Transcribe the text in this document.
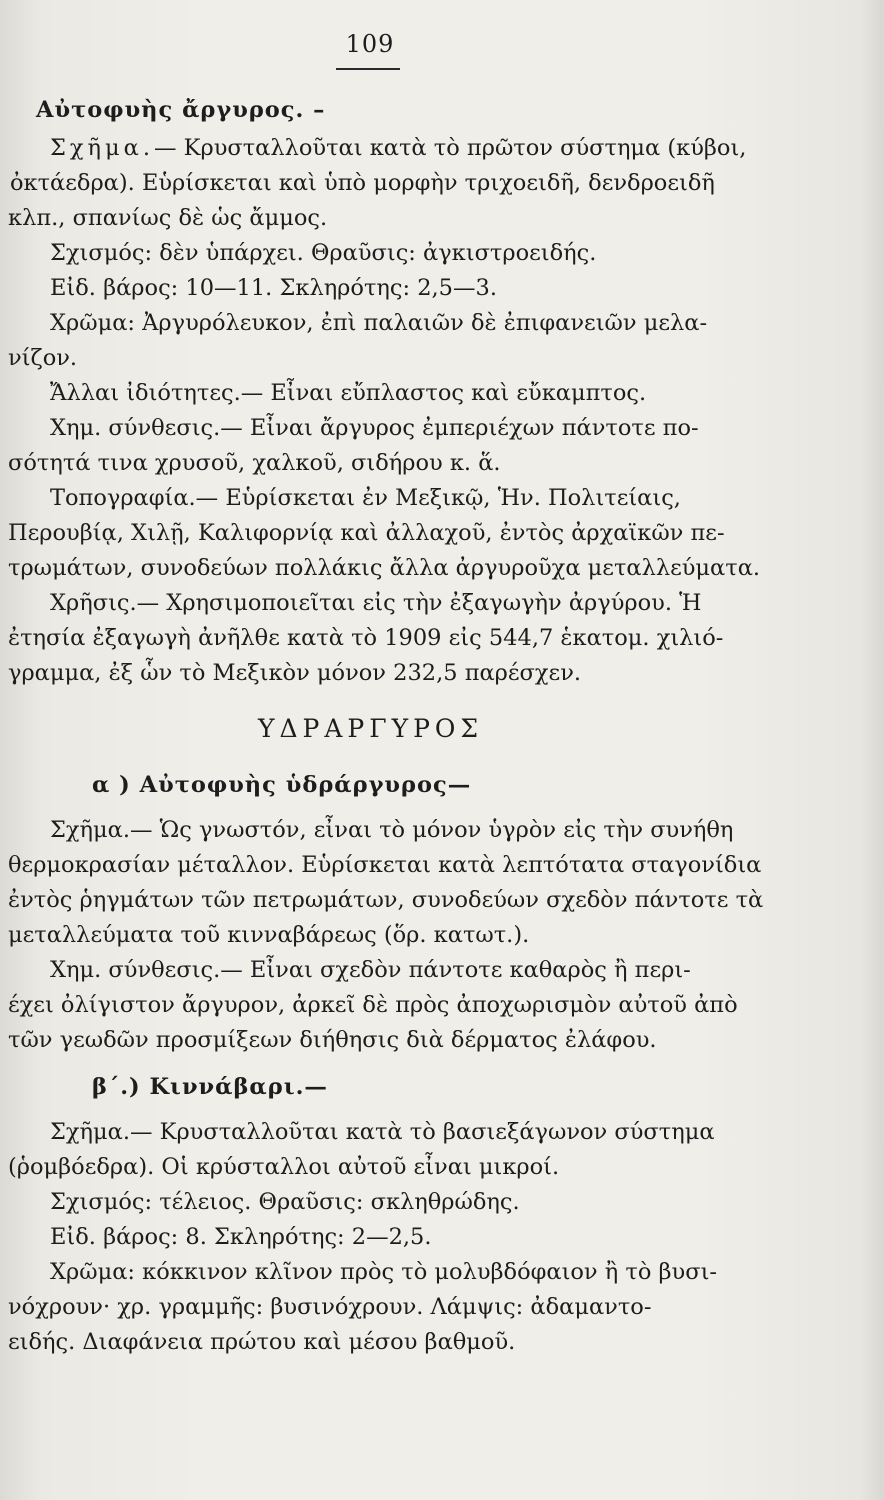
109
Αὐτοφυὴς ἄργυρος. –
Σχῆμα.— Κρυσταλλοῦται κατὰ τὸ πρῶτον σύστημα (κύβοι,
ὀκτάεδρα). Εὑρίσκεται καὶ ὑπὸ μορφὴν τριχοειδῆ, δενδροειδῆ
κλπ., σπανίως δὲ ὡς ἄμμος.
Σχισμός: δὲν ὑπάρχει. Θραῦσις: ἀγκιστροειδής.
Εἰδ. βάρος: 10—11. Σκληρότης: 2,5—3.
Χρῶμα: Ἀργυρόλευκον, ἐπὶ παλαιῶν δὲ ἐπιφανειῶν μελα-
νίζον.
Ἄλλαι ἰδιότητες.— Εἶναι εὔπλαστος καὶ εὔκαμπτος.
Χημ. σύνθεσις.— Εἶναι ἄργυρος ἐμπεριέχων πάντοτε πο-
σότητά τινα χρυσοῦ, χαλκοῦ, σιδήρου κ. ἅ.
Τοπογραφία.— Εὑρίσκεται ἐν Μεξικῷ, Ἡν. Πολιτείαις,
Περουβίᾳ, Χιλῇ, Καλιφορνίᾳ καὶ ἀλλαχοῦ, ἐντὸς ἀρχαϊκῶν πε-
τρωμάτων, συνοδεύων πολλάκις ἄλλα ἀργυροῦχα μεταλλεύματα.
Χρῆσις.— Χρησιμοποιεῖται εἰς τὴν ἐξαγωγὴν ἀργύρου. Ἡ
ἐτησία ἐξαγωγὴ ἀνῆλθε κατὰ τὸ 1909 εἰς 544,7 ἑκατομ. χιλιό-
γραμμα, ἐξ ὧν τὸ Μεξικὸν μόνον 232,5 παρέσχεν.
ΥΔΡΑΡΓΥΡΟΣ
α ) Αὐτοφυὴς ὑδράργυρος—
Σχῆμα.— Ὡς γνωστόν, εἶναι τὸ μόνον ὑγρὸν εἰς τὴν συνήθη
θερμοκρασίαν μέταλλον. Εὑρίσκεται κατὰ λεπτότατα σταγονίδια
ἐντὸς ῥηγμάτων τῶν πετρωμάτων, συνοδεύων σχεδὸν πάντοτε τὰ
μεταλλεύματα τοῦ κινναβάρεως (ὅρ. κατωτ.).
Χημ. σύνθεσις.— Εἶναι σχεδὸν πάντοτε καθαρὸς ἢ περι-
έχει ὀλίγιστον ἄργυρον, ἀρκεῖ δὲ πρὸς ἀποχωρισμὸν αὐτοῦ ἀπὸ
τῶν γεωδῶν προσμίξεων διήθησις διὰ δέρματος ἐλάφου.
β΄.) Κιννάβαρι.—
Σχῆμα.— Κρυσταλλοῦται κατὰ τὸ βασιεξάγωνον σύστημα
(ῥομβόεδρα). Οἱ κρύσταλλοι αὐτοῦ εἶναι μικροί.
Σχισμός: τέλειος. Θραῦσις: σκληθρώδης.
Εἰδ. βάρος: 8. Σκληρότης: 2—2,5.
Χρῶμα: κόκκινον κλῖνον πρὸς τὸ μολυβδόφαιον ἢ τὸ βυσι-
νόχρουν· χρ. γραμμῆς: βυσινόχρουν. Λάμψις: ἀδαμαντο-
ειδής. Διαφάνεια πρώτου καὶ μέσου βαθμοῦ.
